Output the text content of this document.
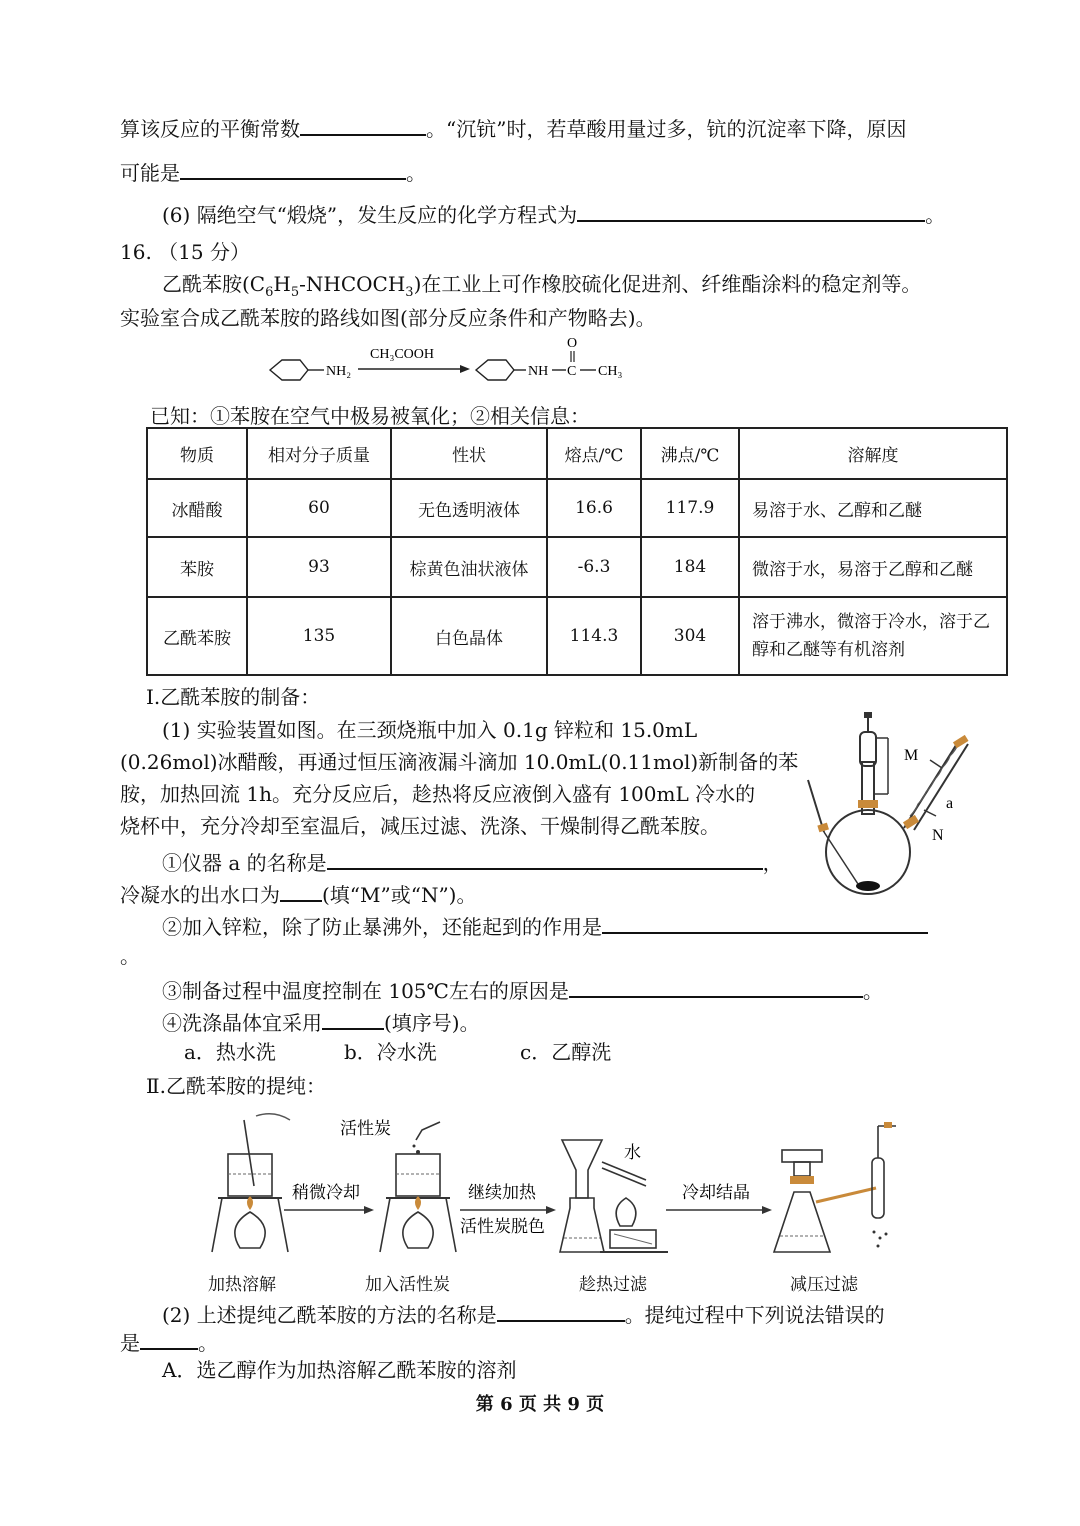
算该反应的平衡常数	。“沉钪”时，若草酸用量过多，钪的沉淀率下降，原因
可能是	。
(6) 隔绝空气“煅烧”，发生反应的化学方程式为	。
16. （15 分）
乙酰苯胺$(C_6H_5-NHCOCH_3)$在工业上可作橡胶硫化促进剂、纤维酯涂料的稳定剂等。
实验室合成乙酰苯胺的路线如图(部分反应条件和产物略去)。
NH₂
CH₃COOH
NH C
O
CH₃
已知：①苯胺在空气中极易被氧化；②相关信息：
物质	相对分子质量	性状	熔点/℃	沸点/℃	溶解度
冰醋酸	60	无色透明液体	16.6	117.9	易溶于水、乙醇和乙醚
苯胺	93	棕黄色油状液体	-6.3	184	微溶于水，易溶于乙醇和乙醚
乙酰苯胺	135	白色晶体	114.3	304	溶于沸水，微溶于冷水，溶于乙醇和乙醚等有机溶剂
Ⅰ.乙酰苯胺的制备：
(1) 实验装置如图。在三颈烧瓶中加入 0.1g 锌粒和 15.0mL
(0.26mol)冰醋酸，再通过恒压滴液漏斗滴加 10.0mL(0.11mol)新制备的苯
胺，加热回流 1h。充分反应后，趁热将反应液倒入盛有 100mL 冷水的
烧杯中，充分冷却至室温后，减压过滤、洗涤、干燥制得乙酰苯胺。
①仪器 a 的名称是	，
冷凝水的出水口为 (填“M”或“N”)。
②加入锌粒，除了防止暴沸外，还能起到的作用是
。
③制备过程中温度控制在 105℃左右的原因是	。
④洗涤晶体宜采用	(填序号)。
a．热水洗	b．冷水洗	c．乙醇洗
M
a
N
Ⅱ.乙酰苯胺的提纯：
稍微冷却
活性炭
继续加热
活性炭脱色
水
冷却结晶
加热溶解	加入活性炭	趁热过滤	减压过滤
(2) 上述提纯乙酰苯胺的方法的名称是	。提纯过程中下列说法错误的
是	。
A．选乙醇作为加热溶解乙酰苯胺的溶剂
第 6 页 共 9 页
